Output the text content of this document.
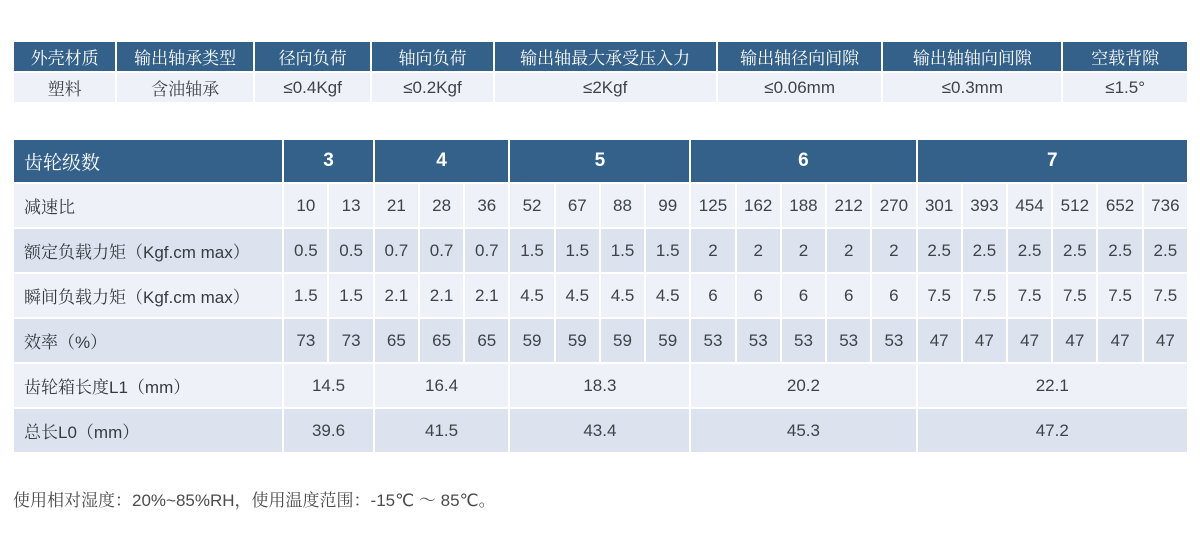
外壳材质	输出轴承类型	径向负荷	轴向负荷	输出轴最大承受压入力	输出轴径向间隙	输出轴轴向间隙	空载背隙
塑料	含油轴承	≤0.4Kgf	≤0.2Kgf	≤2Kgf	≤0.06mm	≤0.3mm	≤1.5°
齿轮级数	3		4			5				6					7					
减速比	10	13	21	28	36	52	67	88	99	125	162	188	212	270	301	393	454	512	652	736
额定负载力矩（Kgf.cm max）	0.5	0.5	0.7	0.7	0.7	1.5	1.5	1.5	1.5	2	2	2	2	2	2.5	2.5	2.5	2.5	2.5	2.5
瞬间负载力矩（Kgf.cm max）	1.5	1.5	2.1	2.1	2.1	4.5	4.5	4.5	4.5	6	6	6	6	6	7.5	7.5	7.5	7.5	7.5	7.5
效率（%）	73	73	65	65	65	59	59	59	59	53	53	53	53	53	47	47	47	47	47	47
齿轮箱长度L1（mm）	14.5		16.4			18.3				20.2					22.1					
总长L0（mm）	39.6		41.5			43.4				45.3					47.2					

使用相对湿度：20%~85%RH，使用温度范围：-15℃ ～ 85℃。
